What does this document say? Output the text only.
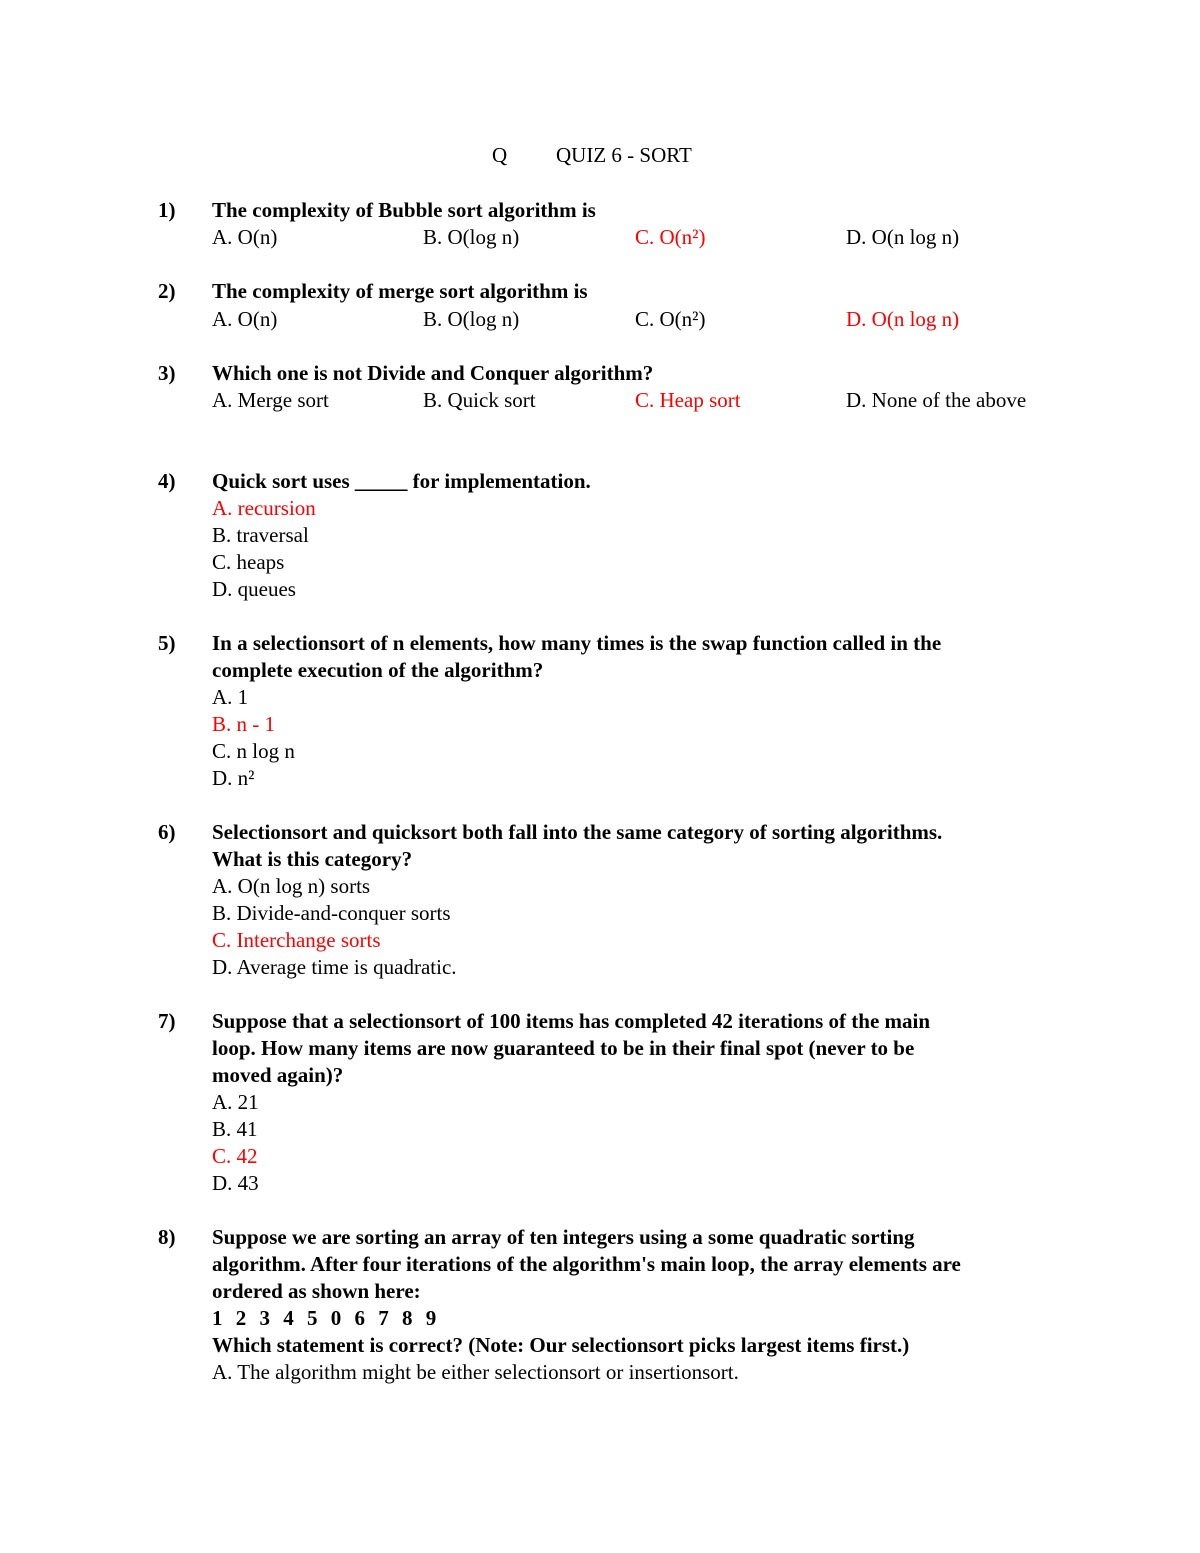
Q QUIZ 6 - SORT
1) The complexity of Bubble sort algorithm is
A. O(n)	B. O(log n)	C. O(n²)	D. O(n log n)
2) The complexity of merge sort algorithm is
A. O(n)	B. O(log n)	C. O(n²)	D. O(n log n)
3) Which one is not Divide and Conquer algorithm?
A. Merge sort	B. Quick sort	C. Heap sort	D. None of the above
4) Quick sort uses _____ for implementation.
A. recursion
B. traversal
C. heaps
D. queues
5) In a selectionsort of n elements, how many times is the swap function called in the
complete execution of the algorithm?
A. 1
B. n - 1
C. n log n
D. n²
6) Selectionsort and quicksort both fall into the same category of sorting algorithms.
What is this category?
A. O(n log n) sorts
B. Divide-and-conquer sorts
C. Interchange sorts
D. Average time is quadratic.
7) Suppose that a selectionsort of 100 items has completed 42 iterations of the main
loop. How many items are now guaranteed to be in their final spot (never to be
moved again)?
A. 21
B. 41
C. 42
D. 43
8) Suppose we are sorting an array of ten integers using a some quadratic sorting
algorithm. After four iterations of the algorithm's main loop, the array elements are
ordered as shown here:
1 2 3 4 5 0 6 7 8 9
Which statement is correct? (Note: Our selectionsort picks largest items first.)
A. The algorithm might be either selectionsort or insertionsort.
